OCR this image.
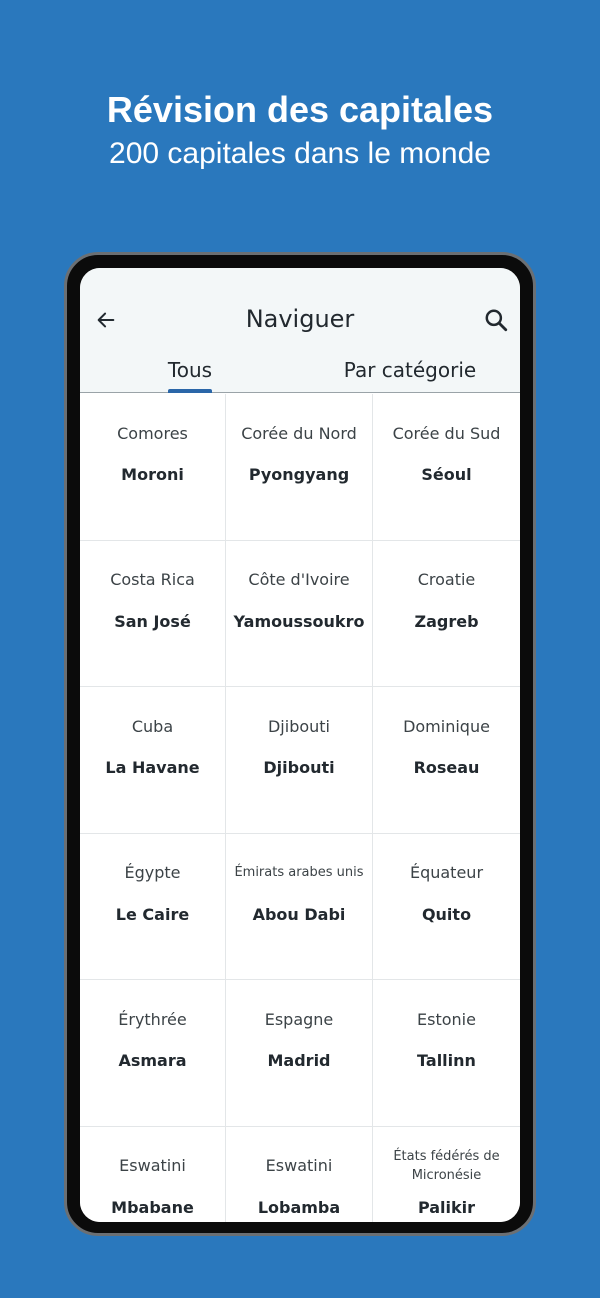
Révision des capitales
200 capitales dans le monde
Naviguer
Tous	Par catégorie
Comores
Moroni
Corée du Nord
Pyongyang
Corée du Sud
Séoul
Costa Rica
San José
Côte d'Ivoire
Yamoussoukro
Croatie
Zagreb
Cuba
La Havane
Djibouti
Djibouti
Dominique
Roseau
Égypte
Le Caire
Émirats arabes unis
Abou Dabi
Équateur
Quito
Érythrée
Asmara
Espagne
Madrid
Estonie
Tallinn
Eswatini
Mbabane
Eswatini
Lobamba
États fédérés de Micronésie
Palikir
